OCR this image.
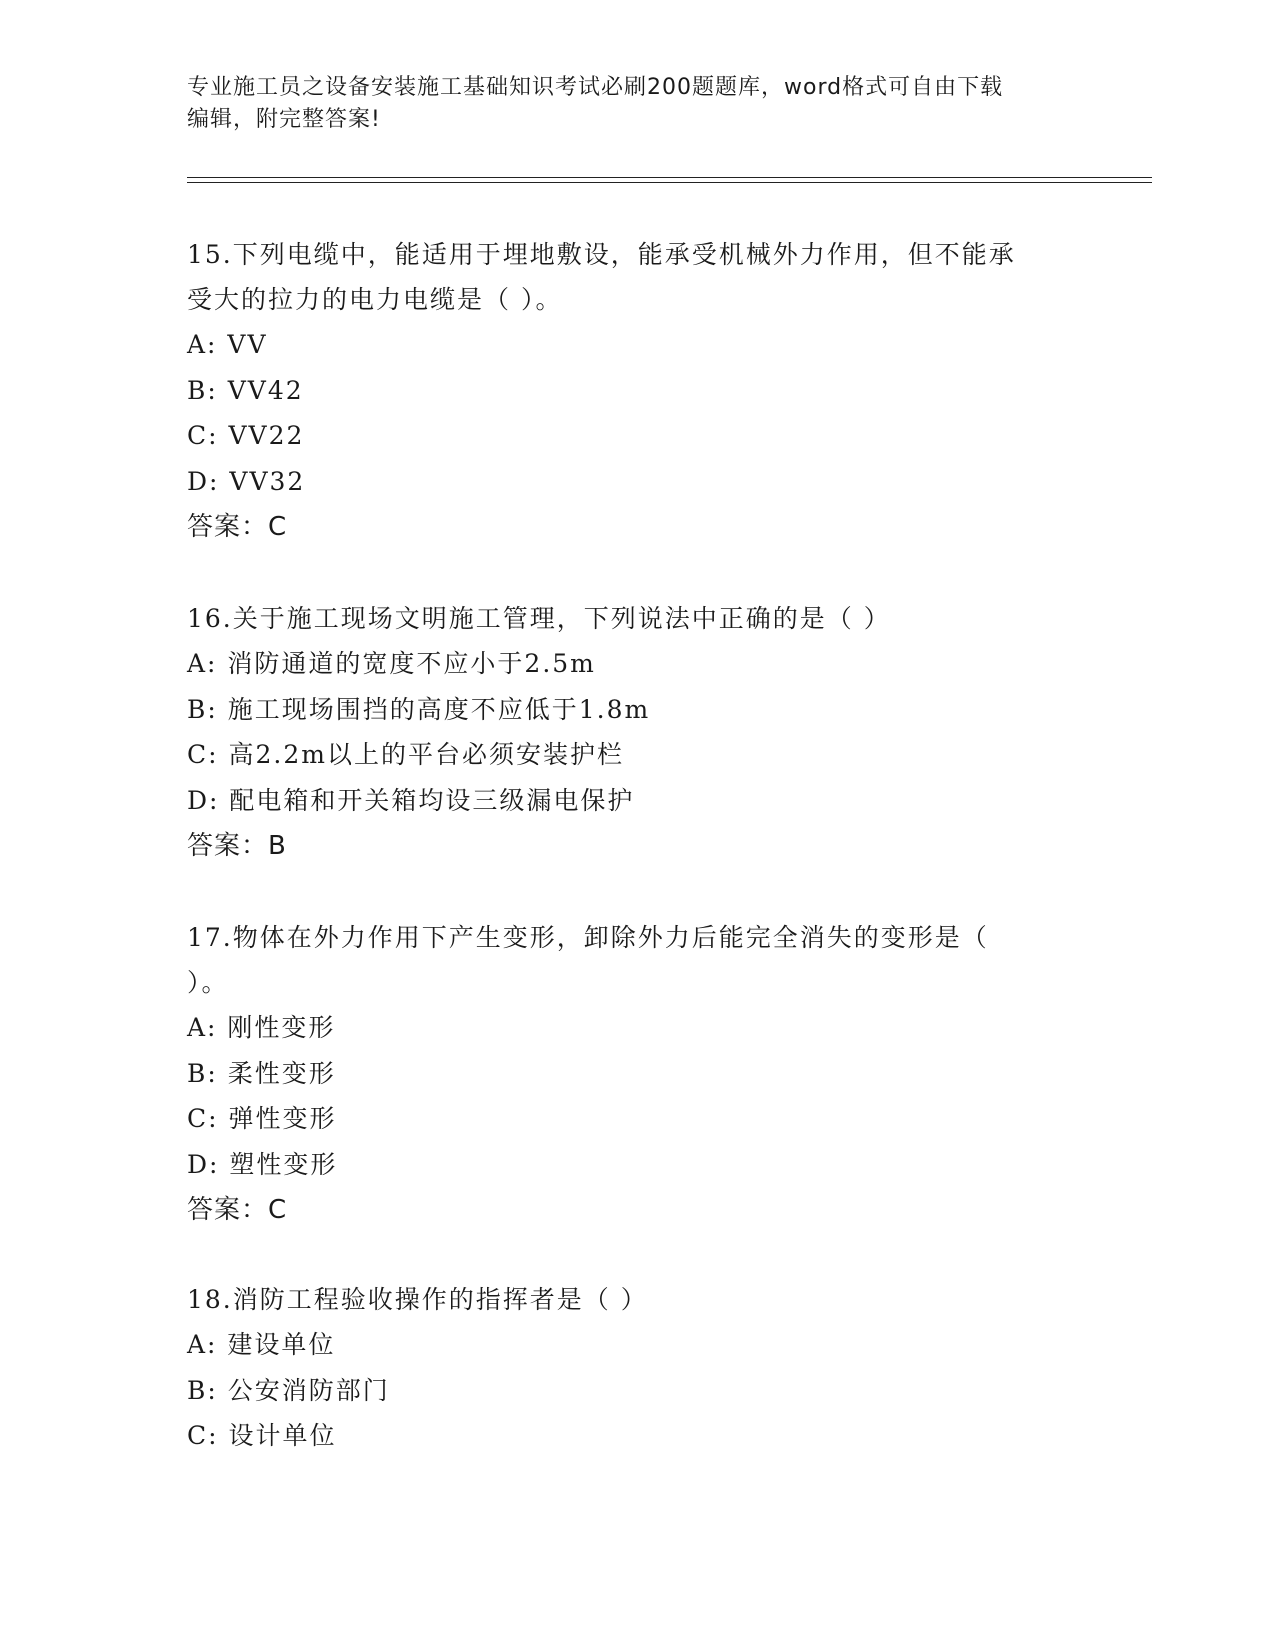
专业施工员之设备安装施工基础知识考试必刷200题题库，word格式可自由下载
编辑，附完整答案!

15.下列电缆中，能适用于埋地敷设，能承受机械外力作用，但不能承

受大的拉力的电力电缆是（ ）。

A: VV

B: VV42

C: VV22

D: VV32

答案：C

16.关于施工现场文明施工管理，下列说法中正确的是（ ）

A: 消防通道的宽度不应小于2.5m

B: 施工现场围挡的高度不应低于1.8m

C: 高2.2m以上的平台必须安装护栏

D: 配电箱和开关箱均设三级漏电保护

答案：B

17.物体在外力作用下产生变形，卸除外力后能完全消失的变形是（

）。

A: 刚性变形

B: 柔性变形

C: 弹性变形

D: 塑性变形

答案：C

18.消防工程验收操作的指挥者是（ ）

A: 建设单位

B: 公安消防部门

C: 设计单位
